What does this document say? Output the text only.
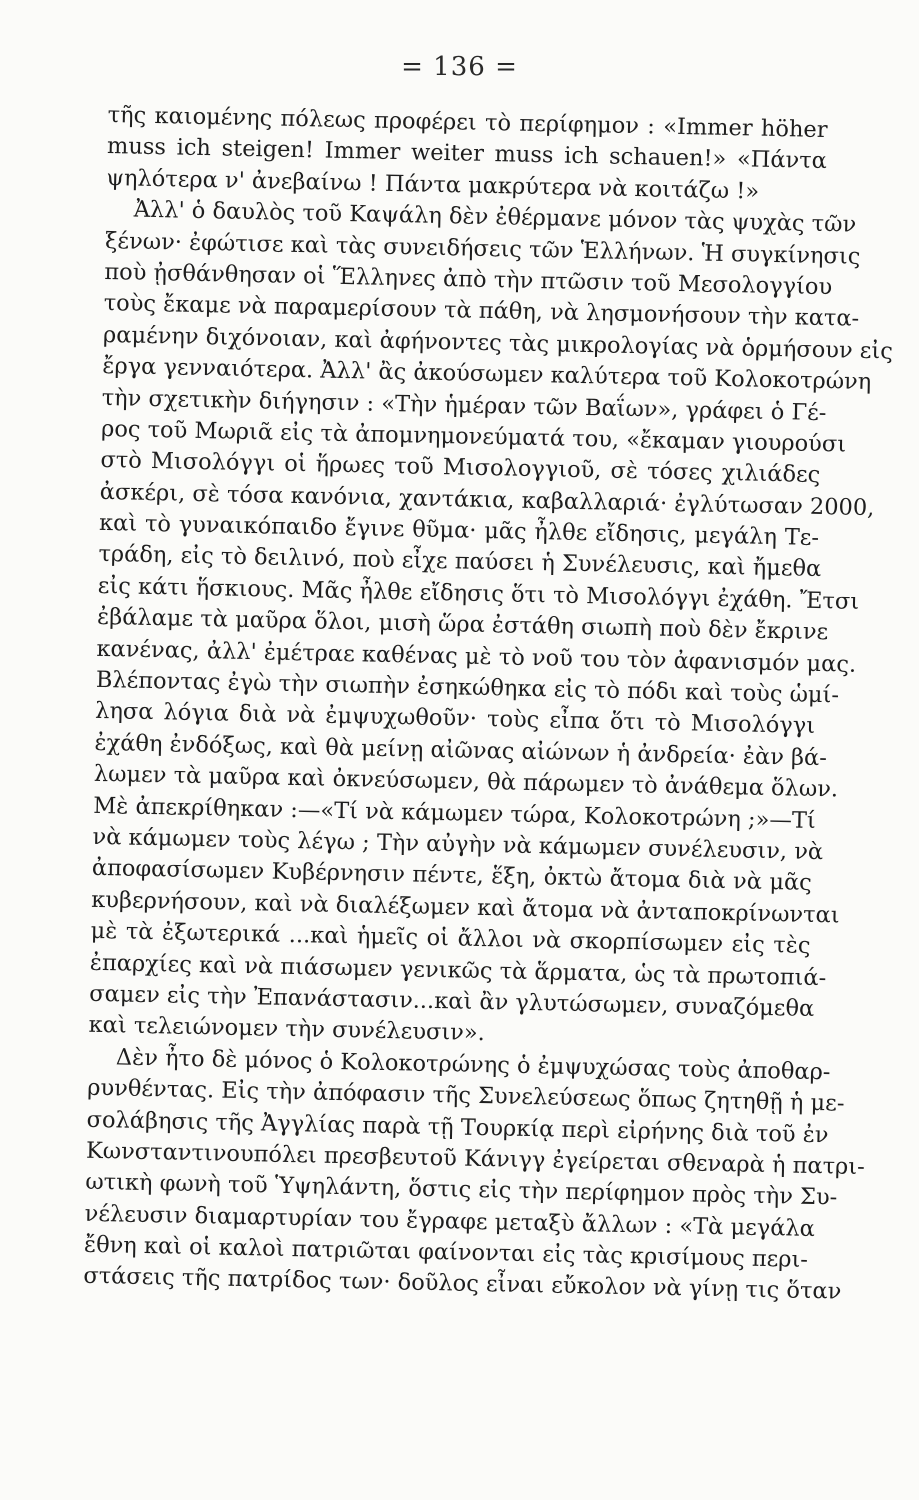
= 136 =
τῆς καιομένης πόλεως προφέρει τὸ περίφημον : «Immer höher
muss ich steigen! Immer weiter muss ich schauen!» «Πάντα
ψηλότερα ν' ἀνεβαίνω ! Πάντα μακρύτερα νὰ κοιτάζω !»
Ἀλλ' ὁ δαυλὸς τοῦ Καψάλη δὲν ἐθέρμανε μόνον τὰς ψυχὰς τῶν
ξένων· ἐφώτισε καὶ τὰς συνειδήσεις τῶν Ἑλλήνων. Ἡ συγκίνησις
ποὺ ᾐσθάνθησαν οἱ Ἕλληνες ἀπὸ τὴν πτῶσιν τοῦ Μεσολογγίου
τοὺς ἔκαμε νὰ παραμερίσουν τὰ πάθη, νὰ λησμονήσουν τὴν κατα-
ραμένην διχόνοιαν, καὶ ἀφήνοντες τὰς μικρολογίας νὰ ὁρμήσουν εἰς
ἔργα γενναιότερα. Ἀλλ' ἂς ἀκούσωμεν καλύτερα τοῦ Κολοκοτρώνη
τὴν σχετικὴν διήγησιν : «Τὴν ἡμέραν τῶν Βαΐων», γράφει ὁ Γέ-
ρος τοῦ Μωριᾶ εἰς τὰ ἀπομνημονεύματά του, «ἔκαμαν γιουρούσι
στὸ Μισολόγγι οἱ ἥρωες τοῦ Μισολογγιοῦ, σὲ τόσες χιλιάδες
ἀσκέρι, σὲ τόσα κανόνια, χαντάκια, καβαλλαριά· ἐγλύτωσαν 2000,
καὶ τὸ γυναικόπαιδο ἔγινε θῦμα· μᾶς ἦλθε εἴδησις, μεγάλη Τε-
τράδη, εἰς τὸ δειλινό, ποὺ εἶχε παύσει ἡ Συνέλευσις, καὶ ἤμεθα
εἰς κάτι ἥσκιους. Μᾶς ἦλθε εἴδησις ὅτι τὸ Μισολόγγι ἐχάθη. Ἔτσι
ἐβάλαμε τὰ μαῦρα ὅλοι, μισὴ ὥρα ἐστάθη σιωπὴ ποὺ δὲν ἔκρινε
κανένας, ἀλλ' ἐμέτραε καθένας μὲ τὸ νοῦ του τὸν ἀφανισμόν μας.
Βλέποντας ἐγὼ τὴν σιωπὴν ἐσηκώθηκα εἰς τὸ πόδι καὶ τοὺς ὡμί-
λησα λόγια διὰ νὰ ἐμψυχωθοῦν· τοὺς εἶπα ὅτι τὸ Μισολόγγι
ἐχάθη ἐνδόξως, καὶ θὰ μείνῃ αἰῶνας αἰώνων ἡ ἀνδρεία· ἐὰν βά-
λωμεν τὰ μαῦρα καὶ ὀκνεύσωμεν, θὰ πάρωμεν τὸ ἀνάθεμα ὅλων.
Μὲ ἀπεκρίθηκαν :—«Τί νὰ κάμωμεν τώρα, Κολοκοτρώνη ;»—Τί
νὰ κάμωμεν τοὺς λέγω ; Τὴν αὐγὴν νὰ κάμωμεν συνέλευσιν, νὰ
ἀποφασίσωμεν Κυβέρνησιν πέντε, ἕξη, ὀκτὼ ἄτομα διὰ νὰ μᾶς
κυβερνήσουν, καὶ νὰ διαλέξωμεν καὶ ἄτομα νὰ ἀνταποκρίνωνται
μὲ τὰ ἐξωτερικά ...καὶ ἡμεῖς οἱ ἄλλοι νὰ σκορπίσωμεν εἰς τὲς
ἐπαρχίες καὶ νὰ πιάσωμεν γενικῶς τὰ ἅρματα, ὡς τὰ πρωτοπιά-
σαμεν εἰς τὴν Ἐπανάστασιν...καὶ ἂν γλυτώσωμεν, συναζόμεθα
καὶ τελειώνομεν τὴν συνέλευσιν».
Δὲν ἦτο δὲ μόνος ὁ Κολοκοτρώνης ὁ ἐμψυχώσας τοὺς ἀποθαρ-
ρυνθέντας. Εἰς τὴν ἀπόφασιν τῆς Συνελεύσεως ὅπως ζητηθῇ ἡ με-
σολάβησις τῆς Ἀγγλίας παρὰ τῇ Τουρκίᾳ περὶ εἰρήνης διὰ τοῦ ἐν
Κωνσταντινουπόλει πρεσβευτοῦ Κάνιγγ ἐγείρεται σθεναρὰ ἡ πατρι-
ωτικὴ φωνὴ τοῦ Ὑψηλάντη, ὅστις εἰς τὴν περίφημον πρὸς τὴν Συ-
νέλευσιν διαμαρτυρίαν του ἔγραφε μεταξὺ ἄλλων : «Τὰ μεγάλα
ἔθνη καὶ οἱ καλοὶ πατριῶται φαίνονται εἰς τὰς κρισίμους περι-
στάσεις τῆς πατρίδος των· δοῦλος εἶναι εὔκολον νὰ γίνῃ τις ὅταν
